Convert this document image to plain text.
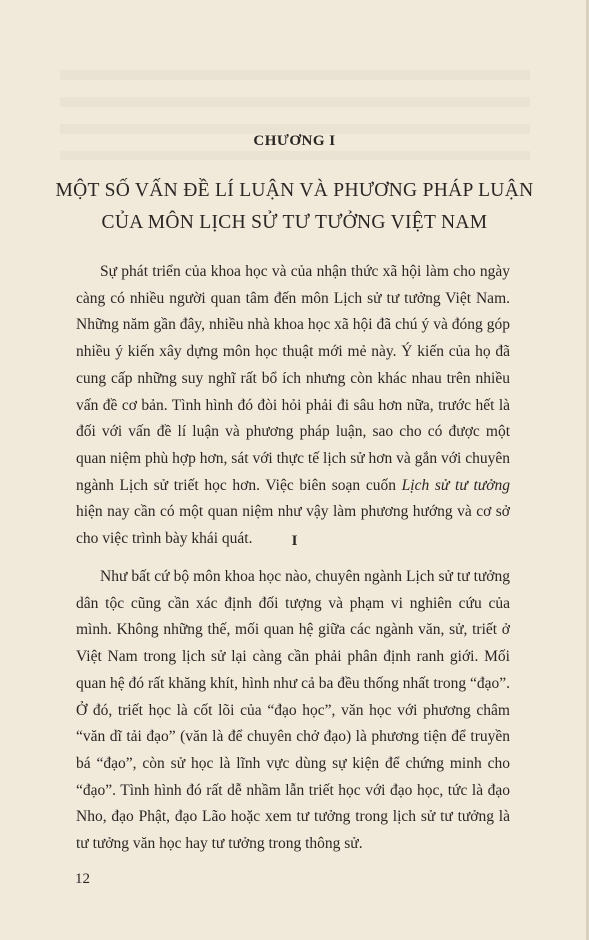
CHƯƠNG I
MỘT SỐ VẤN ĐỀ LÍ LUẬN VÀ PHƯƠNG PHÁP LUẬN
CỦA MÔN LỊCH SỬ TƯ TƯỞNG VIỆT NAM

Sự phát triển của khoa học và của nhận thức xã hội làm cho ngày càng có nhiều người quan tâm đến môn Lịch sử tư tưởng Việt Nam. Những năm gần đây, nhiều nhà khoa học xã hội đã chú ý và đóng góp nhiều ý kiến xây dựng môn học thuật mới mẻ này. Ý kiến của họ đã cung cấp những suy nghĩ rất bổ ích nhưng còn khác nhau trên nhiều vấn đề cơ bản. Tình hình đó đòi hỏi phải đi sâu hơn nữa, trước hết là đối với vấn đề lí luận và phương pháp luận, sao cho có được một quan niệm phù hợp hơn, sát với thực tế lịch sử hơn và gắn với chuyên ngành Lịch sử triết học hơn. Việc biên soạn cuốn Lịch sử tư tưởng hiện nay cần có một quan niệm như vậy làm phương hướng và cơ sở cho việc trình bày khái quát.	I

Như bất cứ bộ môn khoa học nào, chuyên ngành Lịch sử tư tưởng dân tộc cũng cần xác định đối tượng và phạm vi nghiên cứu của mình. Không những thế, mối quan hệ giữa các ngành văn, sử, triết ở Việt Nam trong lịch sử lại càng cần phải phân định ranh giới. Mối quan hệ đó rất khăng khít, hình như cả ba đều thống nhất trong “đạo”. Ở đó, triết học là cốt lõi của “đạo học”, văn học với phương châm “văn dĩ tải đạo” (văn là để chuyên chở đạo) là phương tiện để truyền bá “đạo”, còn sử học là lĩnh vực dùng sự kiện để chứng minh cho “đạo”. Tình hình đó rất dễ nhầm lẫn triết học với đạo học, tức là đạo Nho, đạo Phật, đạo Lão hoặc xem tư tưởng trong lịch sử tư tưởng là tư tưởng văn học hay tư tưởng trong thông sử.

12
